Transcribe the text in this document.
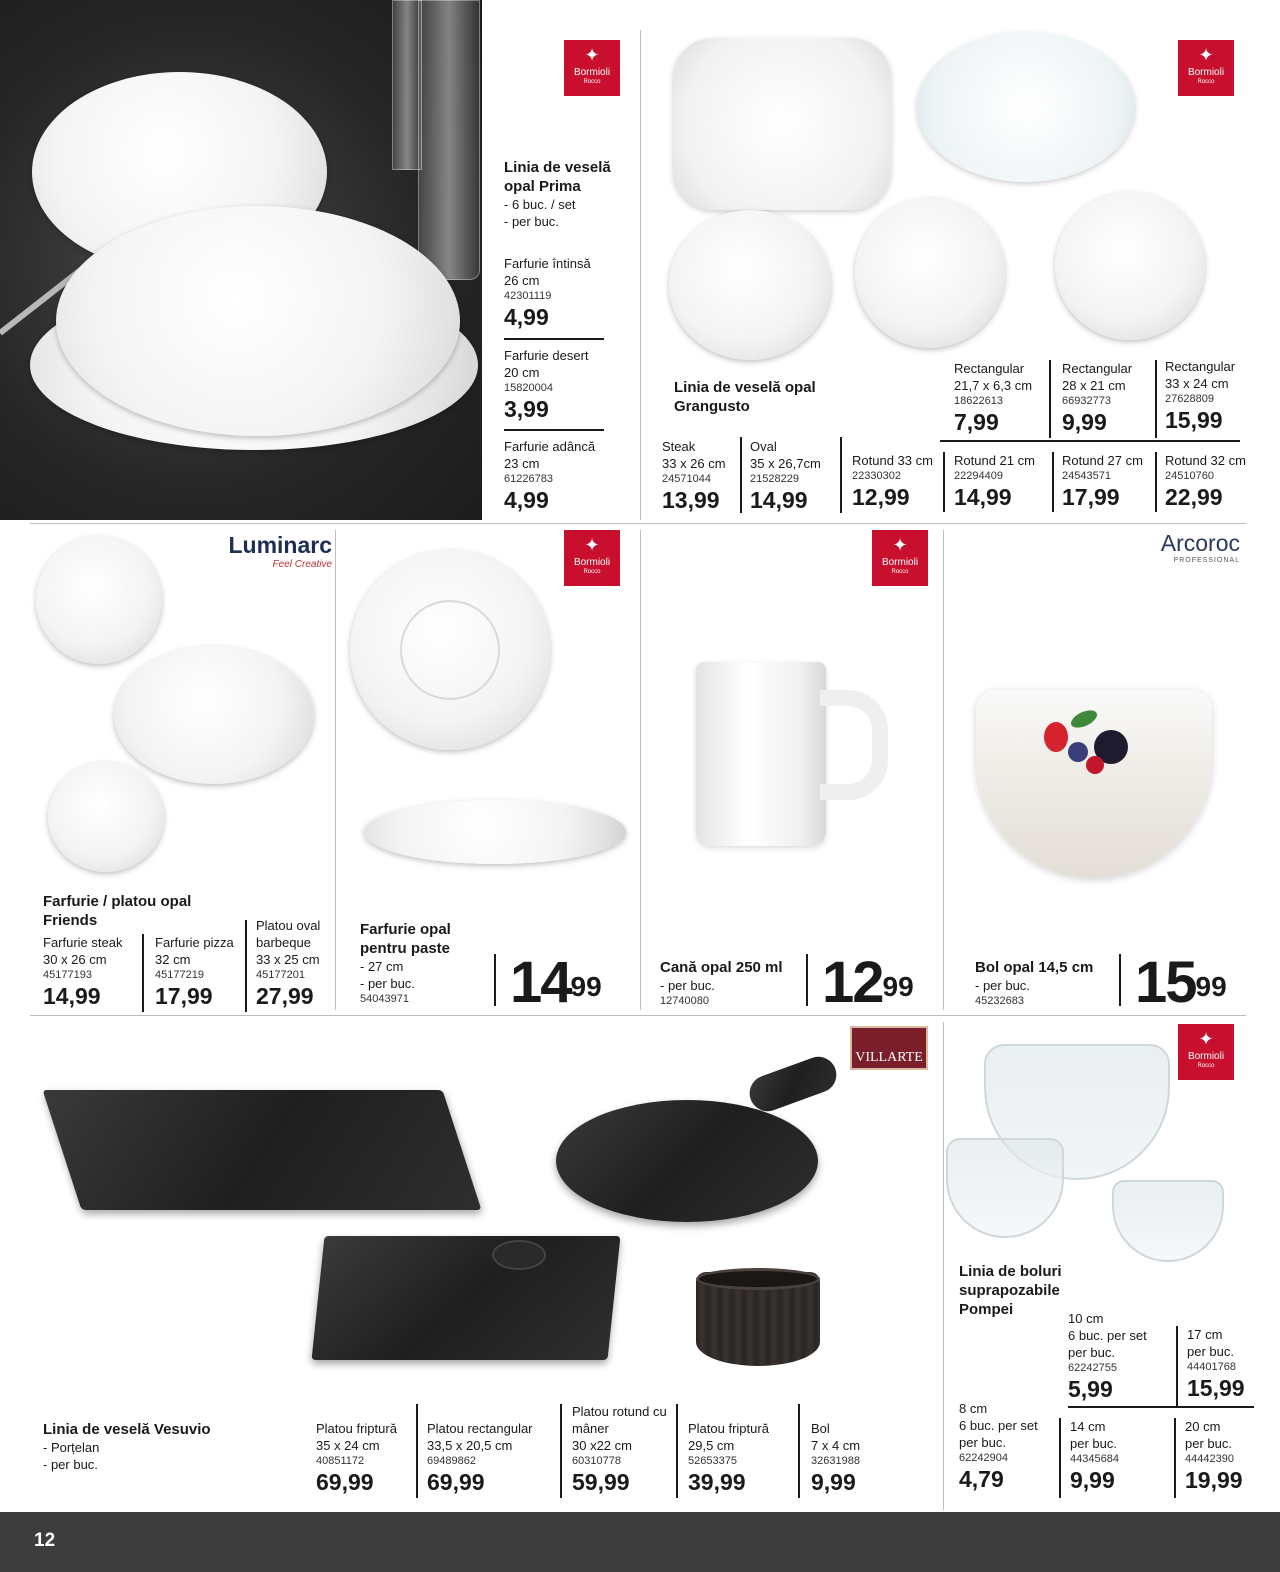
✦
Bormioli
Rocco
Linia de veselă opal Prima
- 6 buc. / set
- per buc.
Farfurie întinsă
26 cm
42301119
4,99
Farfurie desert
20 cm
15820004
3,99
Farfurie adâncă
23 cm
61226783
4,99
✦
Bormioli
Rocco
Linia de veselă opal Grangusto
Rectangular
21,7 x 6,3 cm
18622613
7,99
Rectangular
28 x 21 cm
66932773
9,99
Rectangular
33 x 24 cm
27628809
15,99
Steak
33 x 26 cm
24571044
13,99
Oval
35 x 26,7cm
21528229
14,99
Rotund 33 cm
22330302
12,99
Rotund 21 cm
22294409
14,99
Rotund 27 cm
24543571
17,99
Rotund 32 cm
24510760
22,99
Luminarc
Feel Creative
Farfurie / platou opal Friends
Farfurie steak
30 x 26 cm
45177193
14,99
Farfurie pizza
32 cm
45177219
17,99
Platou oval barbeque
33 x 25 cm
45177201
27,99
✦
Bormioli
Rocco
Farfurie opal pentru paste
- 27 cm
- per buc.
54043971	$14^{99}$
✦
Bormioli
Rocco
Cană opal 250 ml
- per buc.
12740080	$12^{99}$
Arcoroc
PROFESSIONAL
Bol opal 14,5 cm
- per buc.
45232683	$15^{99}$
VILLARTE
Linia de veselă Vesuvio
- Porțelan
- per buc.
Platou friptură
35 x 24 cm
40851172
69,99
Platou rectangular
33,5 x 20,5 cm
69489862
69,99
Platou rotund cu mâner
30 x22 cm
60310778
59,99
Platou friptură
29,5 cm
52653375
39,99
Bol
7 x 4 cm
32631988
9,99
✦
Bormioli
Rocco
Linia de boluri suprapozabile Pompei
10 cm
6 buc. per set
per buc.
62242755
5,99
17 cm
per buc.
44401768
15,99
8 cm
6 buc. per set
per buc.
62242904
4,79
14 cm
per buc.
44345684
9,99
20 cm
per buc.
44442390
19,99
12
